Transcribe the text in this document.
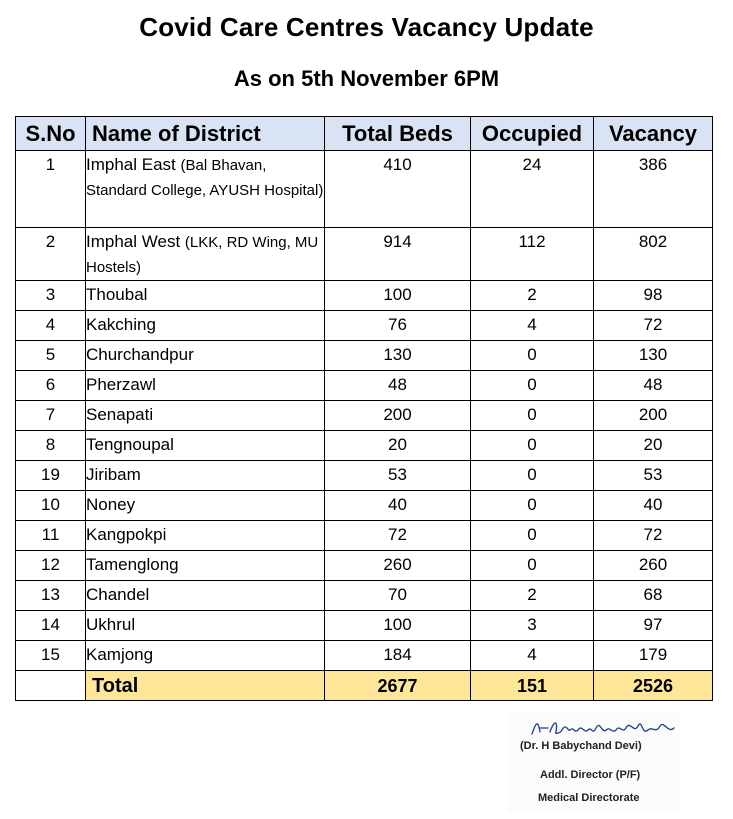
Covid Care Centres Vacancy Update
As on 5th November 6PM
S.No	Name of District	Total Beds	Occupied	Vacancy
1	Imphal East (Bal Bhavan, Standard College, AYUSH Hospital)	410	24	386
2	Imphal West (LKK, RD Wing, MU Hostels)	914	112	802
3	Thoubal	100	2	98
4	Kakching	76	4	72
5	Churchandpur	130	0	130
6	Pherzawl	48	0	48
7	Senapati	200	0	200
8	Tengnoupal	20	0	20
19	Jiribam	53	0	53
10	Noney	40	0	40
11	Kangpokpi	72	0	72
12	Tamenglong	260	0	260
13	Chandel	70	2	68
14	Ukhrul	100	3	97
15	Kamjong	184	4	179
	Total	2677	151	2526
(Dr. H Babychand Devi)
Addl. Director (P/F)
Medical Directorate
